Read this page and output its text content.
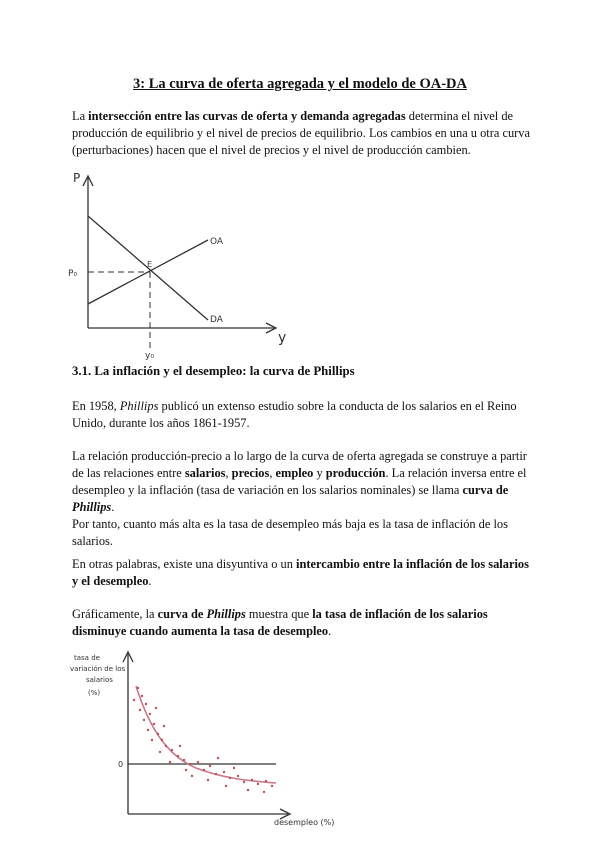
3: La curva de oferta agregada y el modelo de OA-DA

La intersección entre las curvas de oferta y demanda agregadas determina el nivel de producción de equilibrio y el nivel de precios de equilibrio. Los cambios en una u otra curva (perturbaciones) hacen que el nivel de precios y el nivel de producción cambien.

P
y
OA
DA
E
P₀
y₀

3.1. La inflación y el desempleo: la curva de Phillips

En 1958, Phillips publicó un extenso estudio sobre la conducta de los salarios en el Reino Unido, durante los años 1861-1957.

La relación producción-precio a lo largo de la curva de oferta agregada se construye a partir de las relaciones entre salarios, precios, empleo y producción. La relación inversa entre el desempleo y la inflación (tasa de variación en los salarios nominales) se llama curva de Phillips.

Por tanto, cuanto más alta es la tasa de desempleo más baja es la tasa de inflación de los salarios.

En otras palabras, existe una disyuntiva o un intercambio entre la inflación de los salarios y el desempleo.

Gráficamente, la curva de Phillips muestra que la tasa de inflación de los salarios disminuye cuando aumenta la tasa de desempleo.

tasa de
variación de los
salarios
(%)
0
desempleo (%)
